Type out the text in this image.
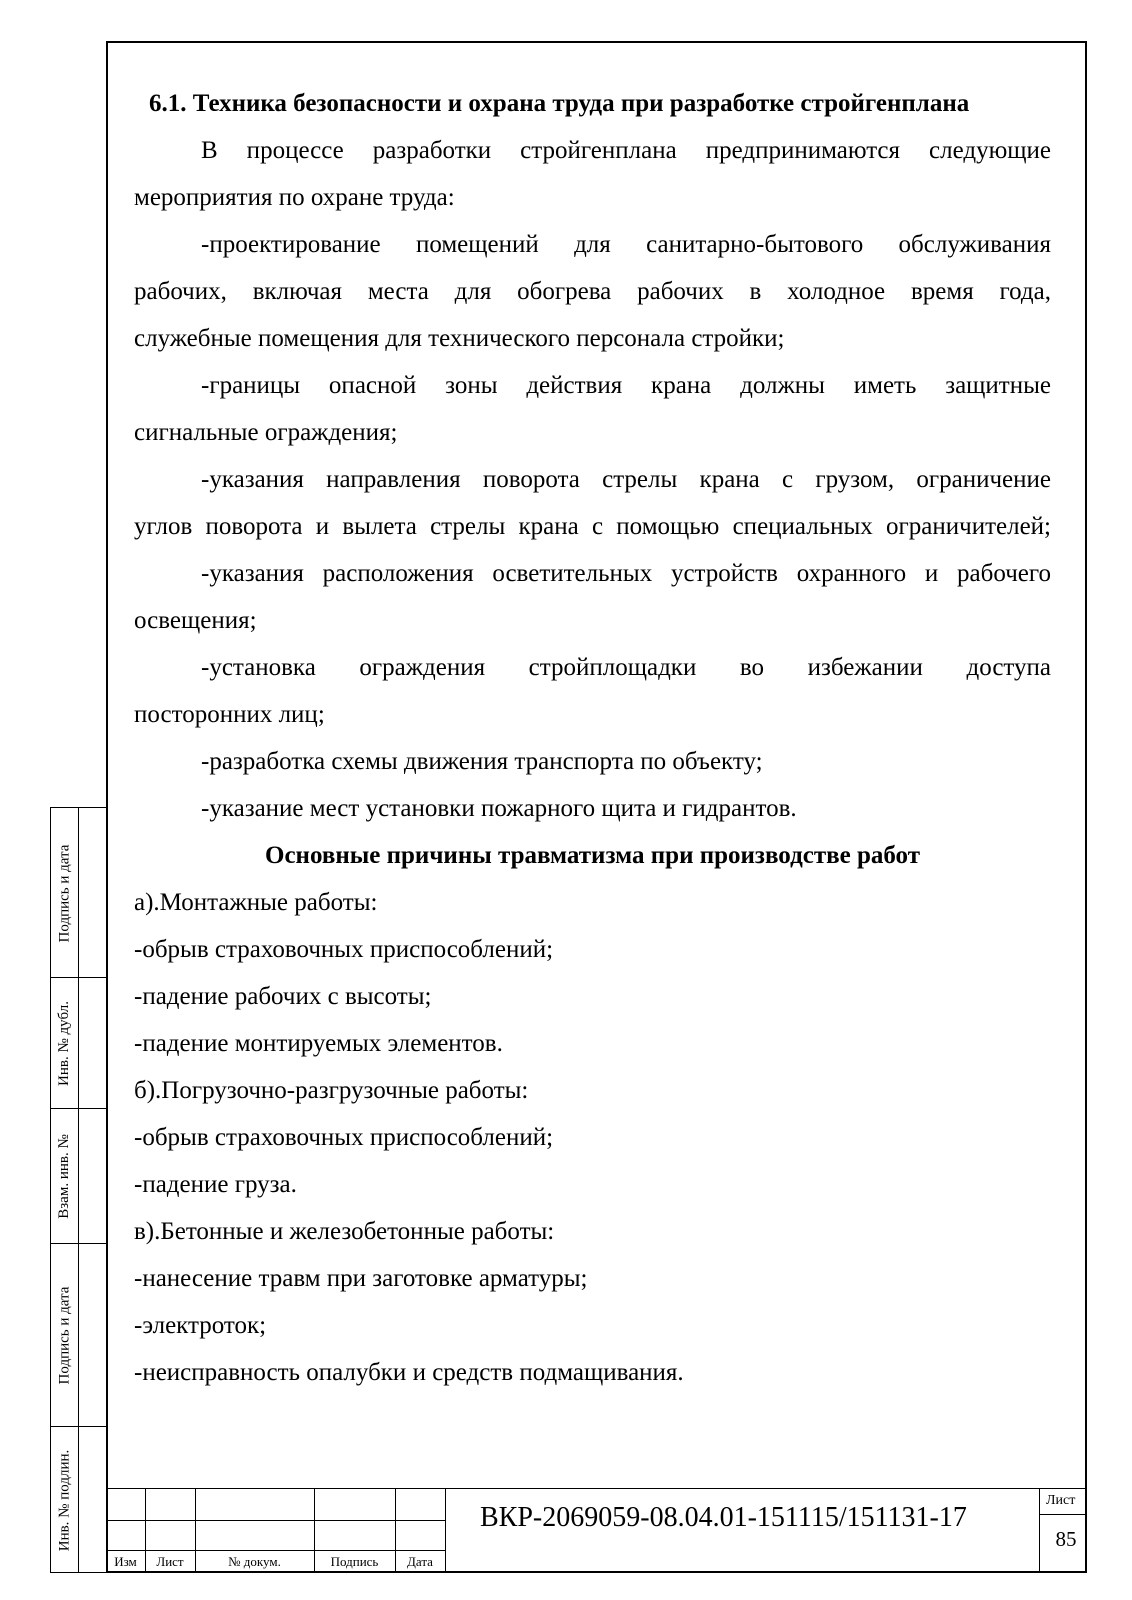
6.1. Техника безопасности и охрана труда при разработке стройгенплана
В процессе разработки стройгенплана предпринимаются следующие
мероприятия по охране труда:
-проектирование помещений для санитарно-бытового обслуживания
рабочих, включая места для обогрева рабочих в холодное время года,
служебные помещения для технического персонала стройки;
-границы опасной зоны действия крана должны иметь защитные
сигнальные ограждения;
-указания направления поворота стрелы крана с грузом, ограничение
углов поворота и вылета стрелы крана с помощью специальных ограничителей;
-указания расположения осветительных устройств охранного и рабочего
освещения;
-установка ограждения стройплощадки во избежании доступа
посторонних лиц;
-разработка схемы движения транспорта по объекту;
-указание мест установки пожарного щита и гидрантов.
Основные причины травматизма при производстве работ
а).Монтажные работы:
-обрыв страховочных приспособлений;
-падение рабочих с высоты;
-падение монтируемых элементов.
б).Погрузочно-разгрузочные работы:
-обрыв страховочных приспособлений;
-падение груза.
в).Бетонные и железобетонные работы:
-нанесение травм при заготовке арматуры;
-электроток;
-неисправность опалубки и средств подмащивания.
Подпись и дата
Инв. № дубл.
Взам. инв. №
Подпись и дата
Инв. № подлин.
Изм	Лист	№ докум.	Подпись	Дата
ВКР-2069059-08.04.01-151115/151131-17
Лист
85
